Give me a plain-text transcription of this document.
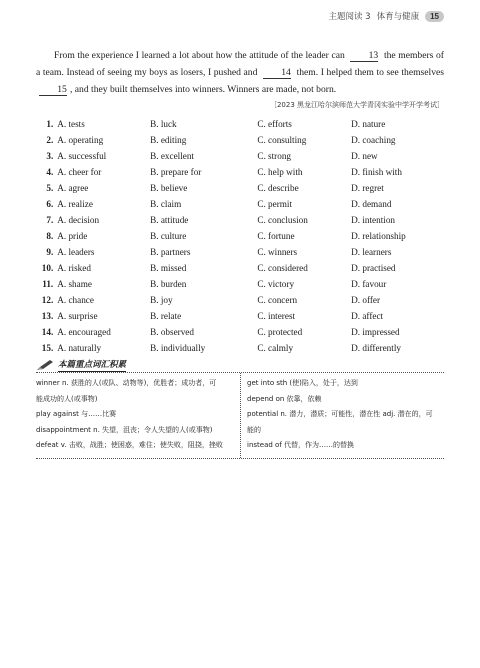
主题阅读 3 体育与健康	15

From the experience I learned a lot about how the attitude of the leader can 13 the members of a team. Instead of seeing my boys as losers, I pushed and 14 them. I helped them to see themselves 15 , and they built themselves into winners. Winners are made, not born.

［2023 黑龙江哈尔滨师范大学青冈实验中学开学考试］
1. A. tests	B. luck	C. efforts	D. nature
2. A. operating	B. editing	C. consulting	D. coaching
3. A. successful	B. excellent	C. strong	D. new
4. A. cheer for	B. prepare for	C. help with	D. finish with
5. A. agree	B. believe	C. describe	D. regret
6. A. realize	B. claim	C. permit	D. demand
7. A. decision	B. attitude	C. conclusion	D. intention
8. A. pride	B. culture	C. fortune	D. relationship
9. A. leaders	B. partners	C. winners	D. learners
10. A. risked	B. missed	C. considered	D. practised
11. A. shame	B. burden	C. victory	D. favour
12. A. chance	B. joy	C. concern	D. offer
13. A. surprise	B. relate	C. interest	D. affect
14. A. encouraged	B. observed	C. protected	D. impressed
15. A. naturally	B. individually	C. calmly	D. differently
本篇重点词汇积累

winner n. 获胜的人(或队、动物等)，优胜者；成功者，可

能成功的人(或事物)

play against 与……比赛

disappointment n. 失望，沮丧；令人失望的人(或事物)

defeat v. 击败，战胜；使困惑，难住；使失败，阻挠，挫败

get into sth (使)陷入，处于，达到

depend on 依靠，依赖

potential n. 潜力，潜质；可能性，潜在性 adj. 潜在的，可

能的

instead of 代替，作为……的替换
